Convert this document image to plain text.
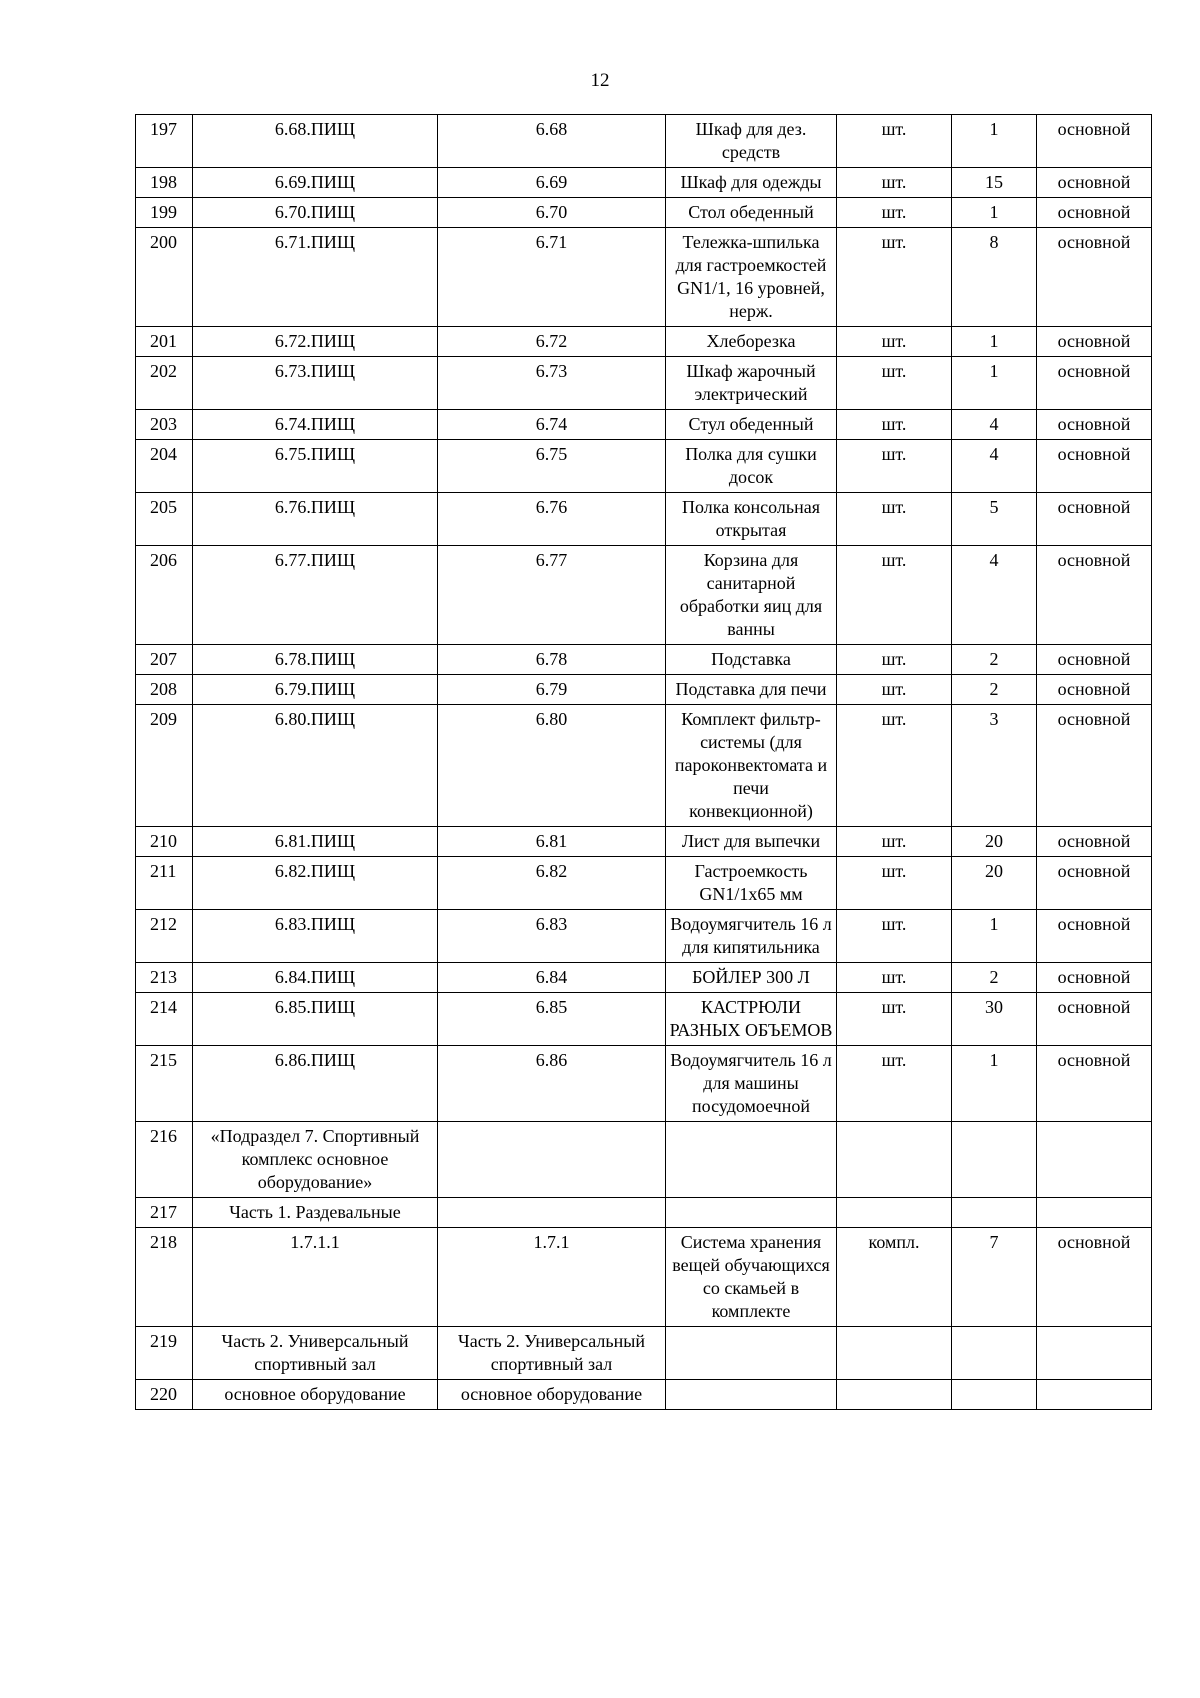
12
197	6.68.ПИЩ	6.68	Шкаф для дез. средств	шт.	1	основной
198	6.69.ПИЩ	6.69	Шкаф для одежды	шт.	15	основной
199	6.70.ПИЩ	6.70	Стол обеденный	шт.	1	основной
200	6.71.ПИЩ	6.71	Тележка-шпилька для гастроемкостей GN1/1, 16 уровней, нерж.	шт.	8	основной
201	6.72.ПИЩ	6.72	Хлеборезка	шт.	1	основной
202	6.73.ПИЩ	6.73	Шкаф жарочный электрический	шт.	1	основной
203	6.74.ПИЩ	6.74	Стул обеденный	шт.	4	основной
204	6.75.ПИЩ	6.75	Полка для сушки досок	шт.	4	основной
205	6.76.ПИЩ	6.76	Полка консольная открытая	шт.	5	основной
206	6.77.ПИЩ	6.77	Корзина для санитарной обработки яиц для ванны	шт.	4	основной
207	6.78.ПИЩ	6.78	Подставка	шт.	2	основной
208	6.79.ПИЩ	6.79	Подставка для печи	шт.	2	основной
209	6.80.ПИЩ	6.80	Комплект фильтр-системы (для пароконвектомата и печи конвекционной)	шт.	3	основной
210	6.81.ПИЩ	6.81	Лист для выпечки	шт.	20	основной
211	6.82.ПИЩ	6.82	Гастроемкость GN1/1x65 мм	шт.	20	основной
212	6.83.ПИЩ	6.83	Водоумягчитель 16 л для кипятильника	шт.	1	основной
213	6.84.ПИЩ	6.84	БОЙЛЕР 300 Л	шт.	2	основной
214	6.85.ПИЩ	6.85	КАСТРЮЛИ РАЗНЫХ ОБЪЕМОВ	шт.	30	основной
215	6.86.ПИЩ	6.86	Водоумягчитель 16 л для машины посудомоечной	шт.	1	основной
216	«Подраздел 7. Спортивный комплекс основное оборудование»					
217	Часть 1. Раздевальные					
218	1.7.1.1	1.7.1	Система хранения вещей обучающихся со скамьей в комплекте	компл.	7	основной
219	Часть 2. Универсальный спортивный зал	Часть 2. Универсальный спортивный зал				
220	основное оборудование	основное оборудование				
